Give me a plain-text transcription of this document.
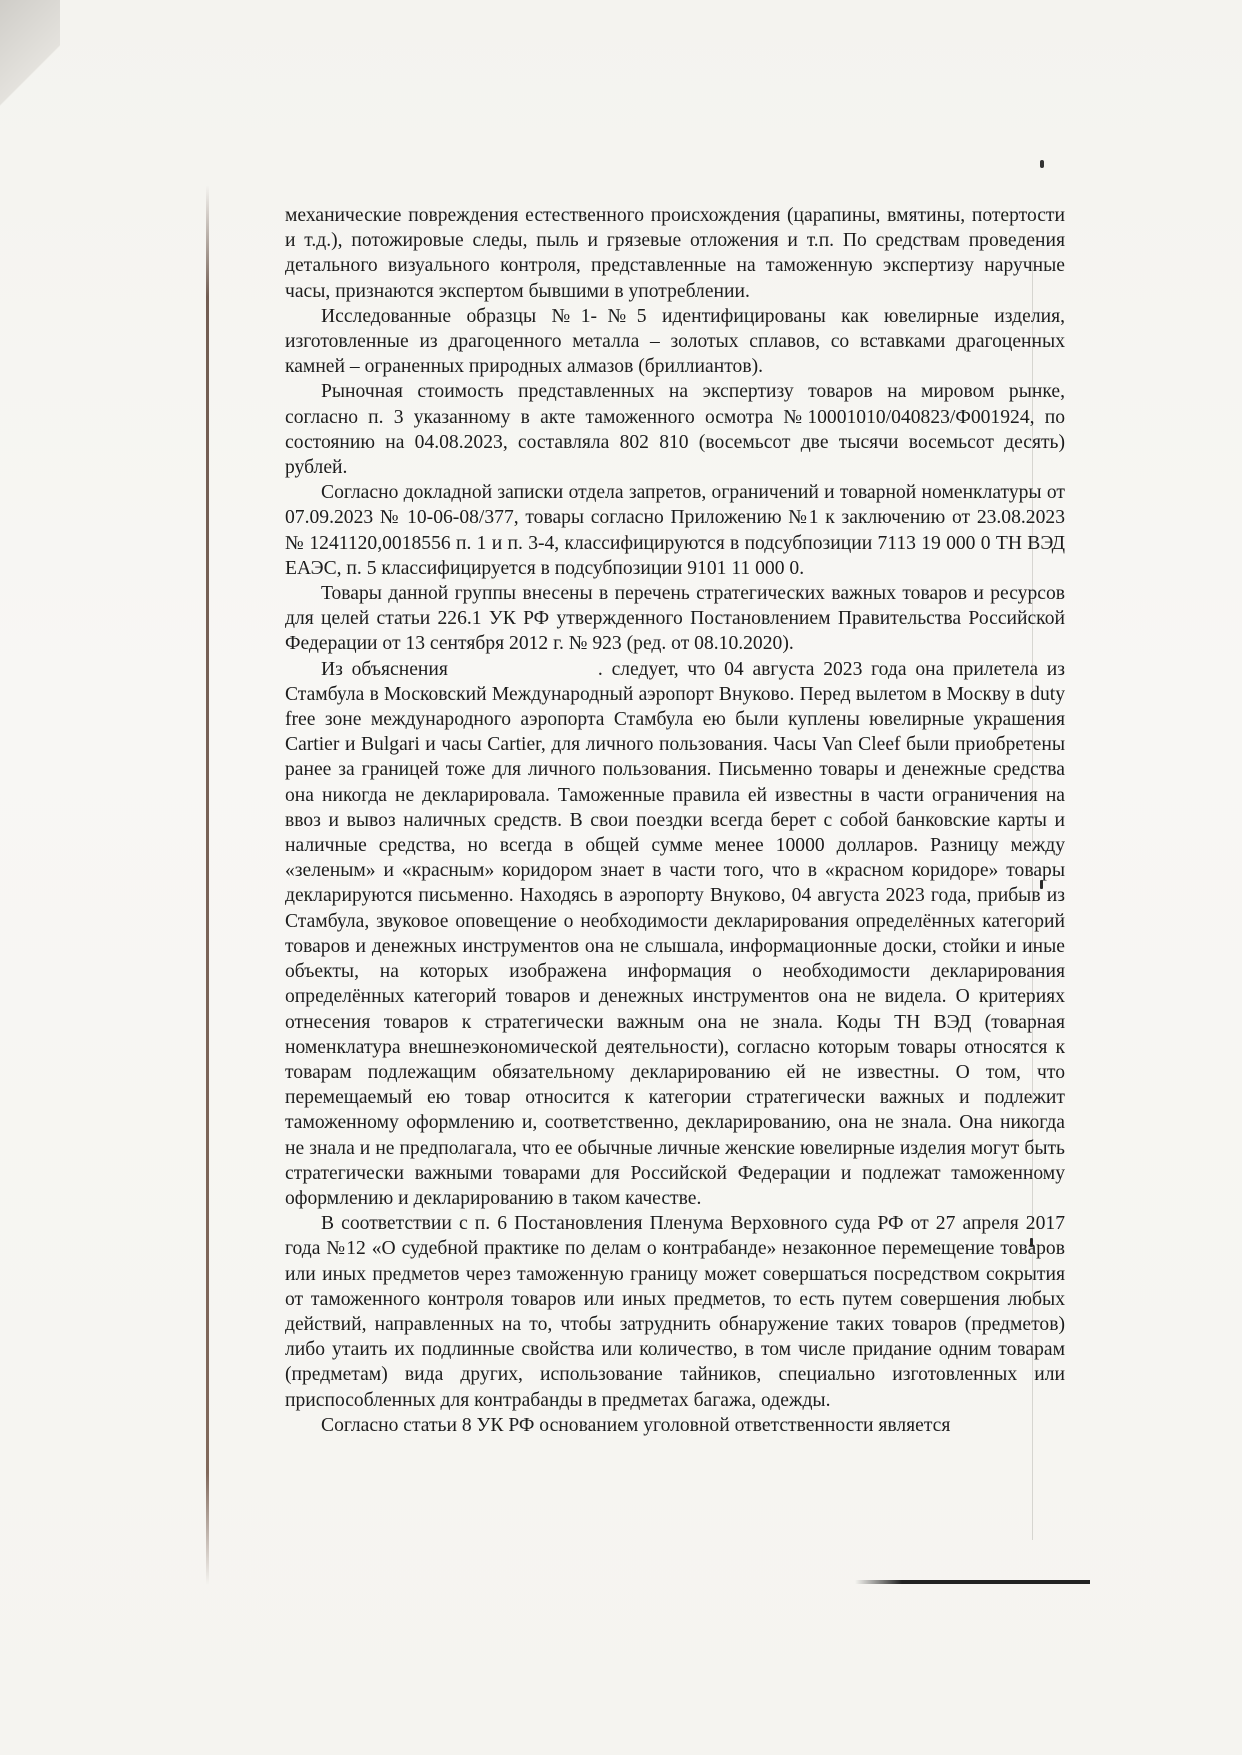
механические повреждения естественного происхождения (царапины, вмятины, потертости и т.д.), потожировые следы, пыль и грязевые отложения и т.п. По средствам проведения детального визуального контроля, представленные на таможенную экспертизу наручные часы, признаются экспертом бывшими в употреблении.

Исследованные образцы №1-№5 идентифицированы как ювелирные изделия, изготовленные из драгоценного металла – золотых сплавов, со вставками драгоценных камней – ограненных природных алмазов (бриллиантов).

Рыночная стоимость представленных на экспертизу товаров на мировом рынке, согласно п. 3 указанному в акте таможенного осмотра №10001010/040823/Ф001924, по состоянию на 04.08.2023, составляла 802 810 (восемьсот две тысячи восемьсот десять) рублей.

Согласно докладной записки отдела запретов, ограничений и товарной номенклатуры от 07.09.2023 № 10-06-08/377, товары согласно Приложению №1 к заключению от 23.08.2023 № 1241120,0018556 п. 1 и п. 3-4, классифицируются в подсубпозиции 7113 19 000 0 ТН ВЭД ЕАЭС, п. 5 классифицируется в подсубпозиции 9101 11 000 0.

Товары данной группы внесены в перечень стратегических важных товаров и ресурсов для целей статьи 226.1 УК РФ утвержденного Постановлением Правительства Российской Федерации от 13 сентября 2012 г. № 923 (ред. от 08.10.2020).

Из объяснения	. следует, что 04 августа 2023 года она прилетела из Стамбула в Московский Международный аэропорт Внуково. Перед вылетом в Москву в duty free зоне международного аэропорта Стамбула ею были куплены ювелирные украшения Cartier и Bulgari и часы Cartier, для личного пользования. Часы Van Cleef были приобретены ранее за границей тоже для личного пользования. Письменно товары и денежные средства она никогда не декларировала. Таможенные правила ей известны в части ограничения на ввоз и вывоз наличных средств. В свои поездки всегда берет с собой банковские карты и наличные средства, но всегда в общей сумме менее 10000 долларов. Разницу между «зеленым» и «красным» коридором знает в части того, что в «красном коридоре» товары декларируются письменно. Находясь в аэропорту Внуково, 04 августа 2023 года, прибыв из Стамбула, звуковое оповещение о необходимости декларирования определённых категорий товаров и денежных инструментов она не слышала, информационные доски, стойки и иные объекты, на которых изображена информация о необходимости декларирования определённых категорий товаров и денежных инструментов она не видела. О критериях отнесения товаров к стратегически важным она не знала. Коды ТН ВЭД (товарная номенклатура внешнеэкономической деятельности), согласно которым товары относятся к товарам подлежащим обязательному декларированию ей не известны. О том, что перемещаемый ею товар относится к категории стратегически важных и подлежит таможенному оформлению и, соответственно, декларированию, она не знала. Она никогда не знала и не предполагала, что ее обычные личные женские ювелирные изделия могут быть стратегически важными товарами для Российской Федерации и подлежат таможенному оформлению и декларированию в таком качестве.

В соответствии с п. 6 Постановления Пленума Верховного суда РФ от 27 апреля 2017 года №12 «О судебной практике по делам о контрабанде» незаконное перемещение товаров или иных предметов через таможенную границу может совершаться посредством сокрытия от таможенного контроля товаров или иных предметов, то есть путем совершения любых действий, направленных на то, чтобы затруднить обнаружение таких товаров (предметов) либо утаить их подлинные свойства или количество, в том числе придание одним товарам (предметам) вида других, использование тайников, специально изготовленных или приспособленных для контрабанды в предметах багажа, одежды.

Согласно статьи 8 УК РФ основанием уголовной ответственности является
